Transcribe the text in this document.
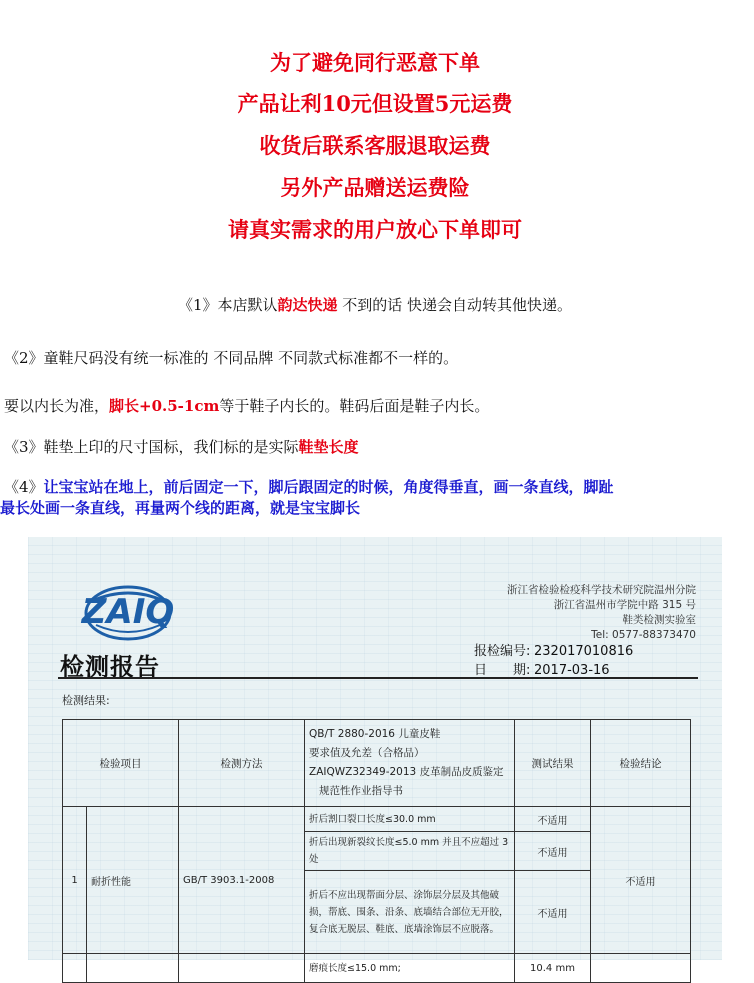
为了避免同行恶意下单
产品让利10元但设置5元运费
收货后联系客服退取运费
另外产品赠送运费险
请真实需求的用户放心下单即可
《1》本店默认韵达快递 不到的话 快递会自动转其他快递。
《2》童鞋尺码没有统一标准的 不同品牌 不同款式标准都不一样的。
要以内长为准，脚长+0.5-1cm等于鞋子内长的。鞋码后面是鞋子内长。
《3》鞋垫上印的尺寸国标，我们标的是实际鞋垫长度
《4》让宝宝站在地上，前后固定一下，脚后跟固定的时候，角度得垂直，画一条直线，脚趾
最长处画一条直线，再量两个线的距离，就是宝宝脚长
ZAIQ
浙江省检验检疫科学技术研究院温州分院
浙江省温州市学院中路 315 号
鞋类检测实验室
Tel: 0577-88373470
检测报告
报检编号: 232017010816
日　　期: 2017-03-16
检测结果:
检验项目		检测方法	QB/T 2880-2016 儿童皮鞋
要求值及允差（合格品）
ZAIQWZ32349-2013 皮革制品皮质鉴定
规范性作业指导书	测试结果	检验结论
1	耐折性能	GB/T 3903.1-2008	折后割口裂口长度≤30.0 mm	不适用	不适用
			折后出现新裂纹长度≤5.0 mm 并且不应超过 3 处	不适用	
			折后不应出现帮面分层、涂饰层分层及其他破损，帮底、围条、沿条、底墙结合部位无开胶，复合底无脱层、鞋底、底墙涂饰层不应脱落。	不适用	
			磨痕长度≤15.0 mm;	10.4 mm	
